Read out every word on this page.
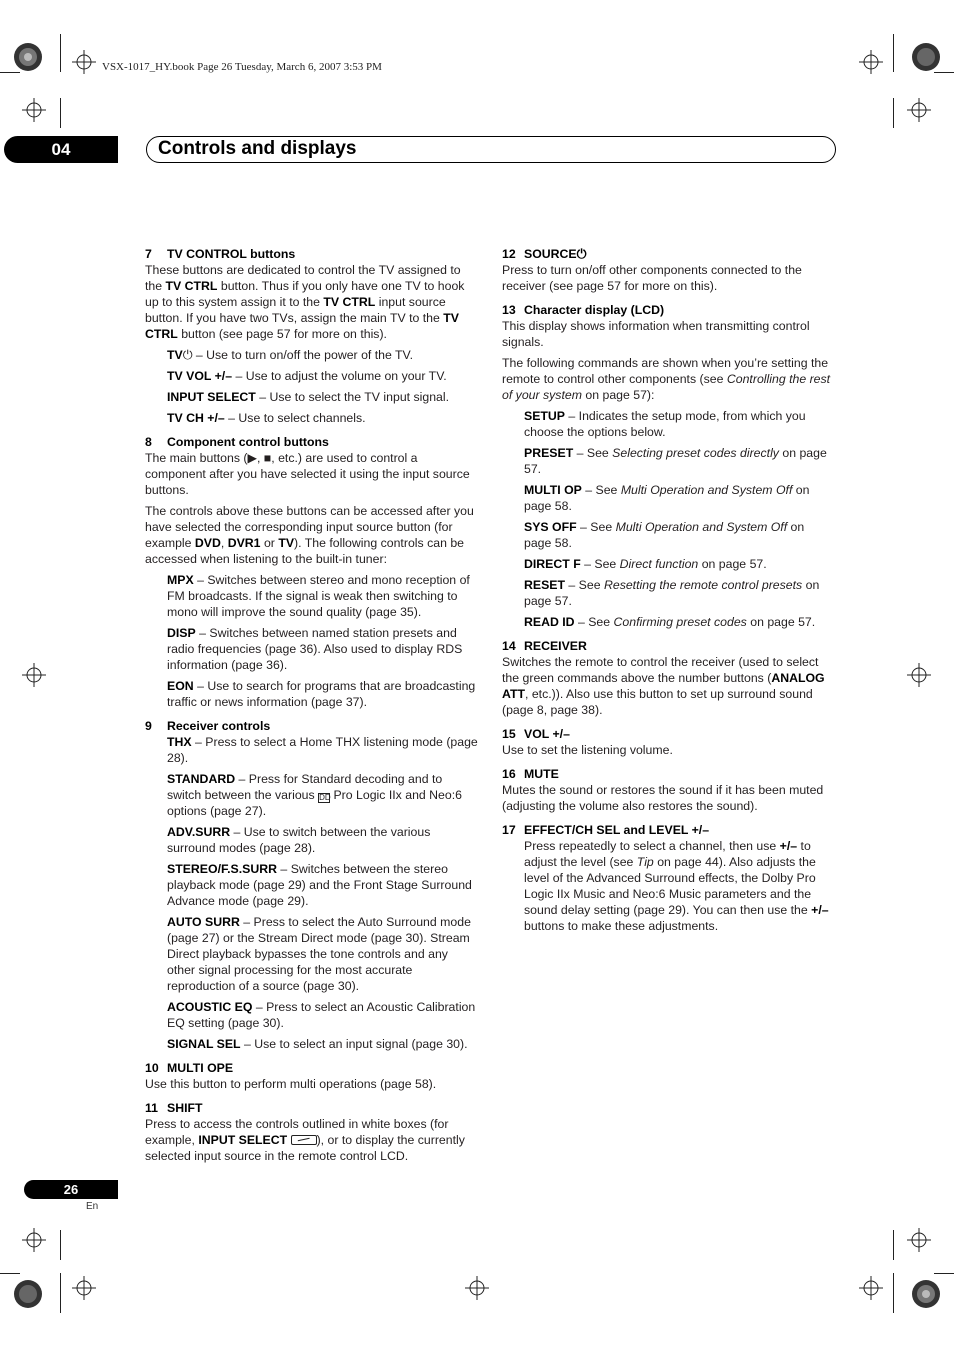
VSX-1017_HY.book Page 26 Tuesday, March 6, 2007 3:53 PM
04	Controls and displays

7 TV CONTROL buttons

These buttons are dedicated to control the TV assigned to the TV CTRL button. Thus if you only have one TV to hook up to this system assign it to the TV CTRL input source button. If you have two TVs, assign the main TV to the TV CTRL button (see page 57 for more on this).

TV⏻ – Use to turn on/off the power of the TV.

TV VOL +/– – Use to adjust the volume on your TV.

INPUT SELECT – Use to select the TV input signal.

TV CH +/– – Use to select channels.

8 Component control buttons

The main buttons (▶, ■, etc.) are used to control a component after you have selected it using the input source buttons.

The controls above these buttons can be accessed after you have selected the corresponding input source button (for example DVD, DVR1 or TV). The following controls can be accessed when listening to the built-in tuner:

MPX – Switches between stereo and mono reception of FM broadcasts. If the signal is weak then switching to mono will improve the sound quality (page 35).

DISP – Switches between named station presets and radio frequencies (page 36). Also used to display RDS information (page 36).

EON – Use to search for programs that are broadcasting traffic or news information (page 37).

9 Receiver controls

THX – Press to select a Home THX listening mode (page 28).

STANDARD – Press for Standard decoding and to switch between the various DD Pro Logic IIx and Neo:6 options (page 27).

ADV.SURR – Use to switch between the various surround modes (page 28).

STEREO/F.S.SURR – Switches between the stereo playback mode (page 29) and the Front Stage Surround Advance mode (page 29).

AUTO SURR – Press to select the Auto Surround mode (page 27) or the Stream Direct mode (page 30). Stream Direct playback bypasses the tone controls and any other signal processing for the most accurate reproduction of a source (page 30).

ACOUSTIC EQ – Press to select an Acoustic Calibration EQ setting (page 30).

SIGNAL SEL – Use to select an input signal (page 30).

10 MULTI OPE

Use this button to perform multi operations (page 58).

11 SHIFT

Press to access the controls outlined in white boxes (for example, INPUT SELECT ), or to display the currently selected input source in the remote control LCD.

12 SOURCE⏻

Press to turn on/off other components connected to the receiver (see page 57 for more on this).

13 Character display (LCD)

This display shows information when transmitting control signals.

The following commands are shown when you’re setting the remote to control other components (see Controlling the rest of your system on page 57):

SETUP – Indicates the setup mode, from which you choose the options below.

PRESET – See Selecting preset codes directly on page 57.

MULTI OP – See Multi Operation and System Off on page 58.

SYS OFF – See Multi Operation and System Off on page 58.

DIRECT F – See Direct function on page 57.

RESET – See Resetting the remote control presets on page 57.

READ ID – See Confirming preset codes on page 57.

14 RECEIVER

Switches the remote to control the receiver (used to select the green commands above the number buttons (ANALOG ATT, etc.)). Also use this button to set up surround sound (page 8, page 38).

15 VOL +/–

Use to set the listening volume.

16 MUTE

Mutes the sound or restores the sound if it has been muted (adjusting the volume also restores the sound).

17 EFFECT/CH SEL and LEVEL +/–

Press repeatedly to select a channel, then use +/– to adjust the level (see Tip on page 44). Also adjusts the level of the Advanced Surround effects, the Dolby Pro Logic IIx Music and Neo:6 Music parameters and the sound delay setting (page 29). You can then use the +/– buttons to make these adjustments.

26
En
